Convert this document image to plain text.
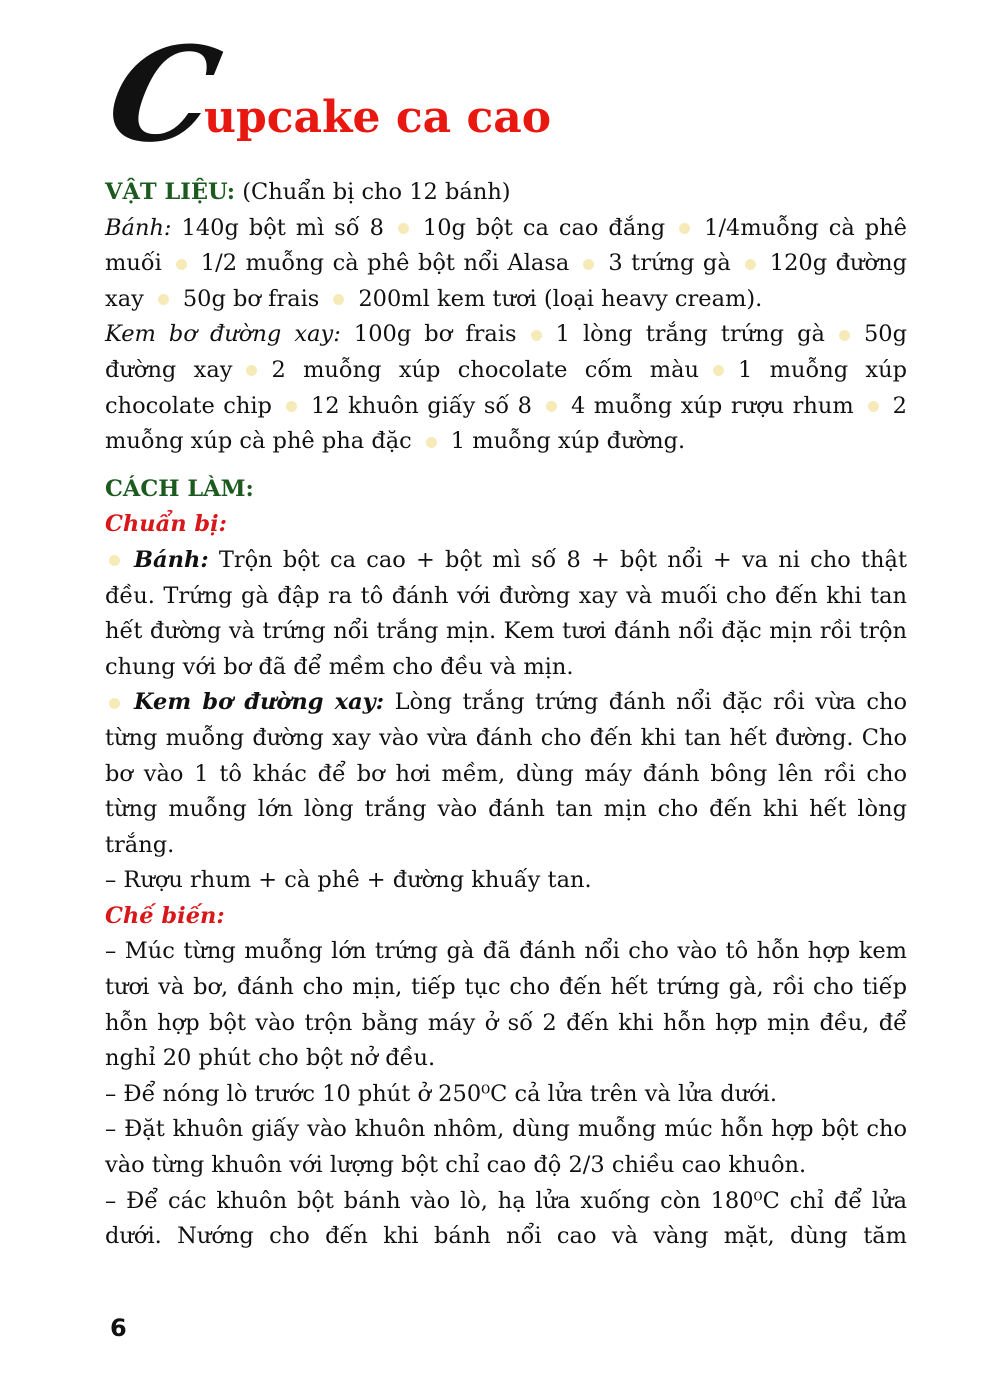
C
upcake ca cao

VẬT LIỆU: (Chuẩn bị cho 12 bánh)

Bánh: 140g bột mì số 8 10g bột ca cao đắng 1/4muỗng cà phê muối 1/2 muỗng cà phê bột nổi Alasa 3 trứng gà 120g đường xay 50g bơ frais 200ml kem tươi (loại heavy cream).

Kem bơ đường xay: 100g bơ frais 1 lòng trắng trứng gà 50g đường xay 2 muỗng xúp chocolate cốm màu 1 muỗng xúp chocolate chip 12 khuôn giấy số 8 4 muỗng xúp rượu rhum 2 muỗng xúp cà phê pha đặc 1 muỗng xúp đường.

CÁCH LÀM:

Chuẩn bị:

Bánh: Trộn bột ca cao + bột mì số 8 + bột nổi + va ni cho thật đều. Trứng gà đập ra tô đánh với đường xay và muối cho đến khi tan hết đường và trứng nổi trắng mịn. Kem tươi đánh nổi đặc mịn rồi trộn chung với bơ đã để mềm cho đều và mịn.

Kem bơ đường xay: Lòng trắng trứng đánh nổi đặc rồi vừa cho từng muỗng đường xay vào vừa đánh cho đến khi tan hết đường. Cho bơ vào 1 tô khác để bơ hơi mềm, dùng máy đánh bông lên rồi cho từng muỗng lớn lòng trắng vào đánh tan mịn cho đến khi hết lòng trắng.

– Rượu rhum + cà phê + đường khuấy tan.

Chế biến:

– Múc từng muỗng lớn trứng gà đã đánh nổi cho vào tô hỗn hợp kem tươi và bơ, đánh cho mịn, tiếp tục cho đến hết trứng gà, rồi cho tiếp hỗn hợp bột vào trộn bằng máy ở số 2 đến khi hỗn hợp mịn đều, để nghỉ 20 phút cho bột nở đều.

– Để nóng lò trước 10 phút ở 250⁰C cả lửa trên và lửa dưới.

– Đặt khuôn giấy vào khuôn nhôm, dùng muỗng múc hỗn hợp bột cho vào từng khuôn với lượng bột chỉ cao độ 2/3 chiều cao khuôn.

– Để các khuôn bột bánh vào lò, hạ lửa xuống còn 180⁰C chỉ để lửa dưới. Nướng cho đến khi bánh nổi cao và vàng mặt, dùng tăm

6
